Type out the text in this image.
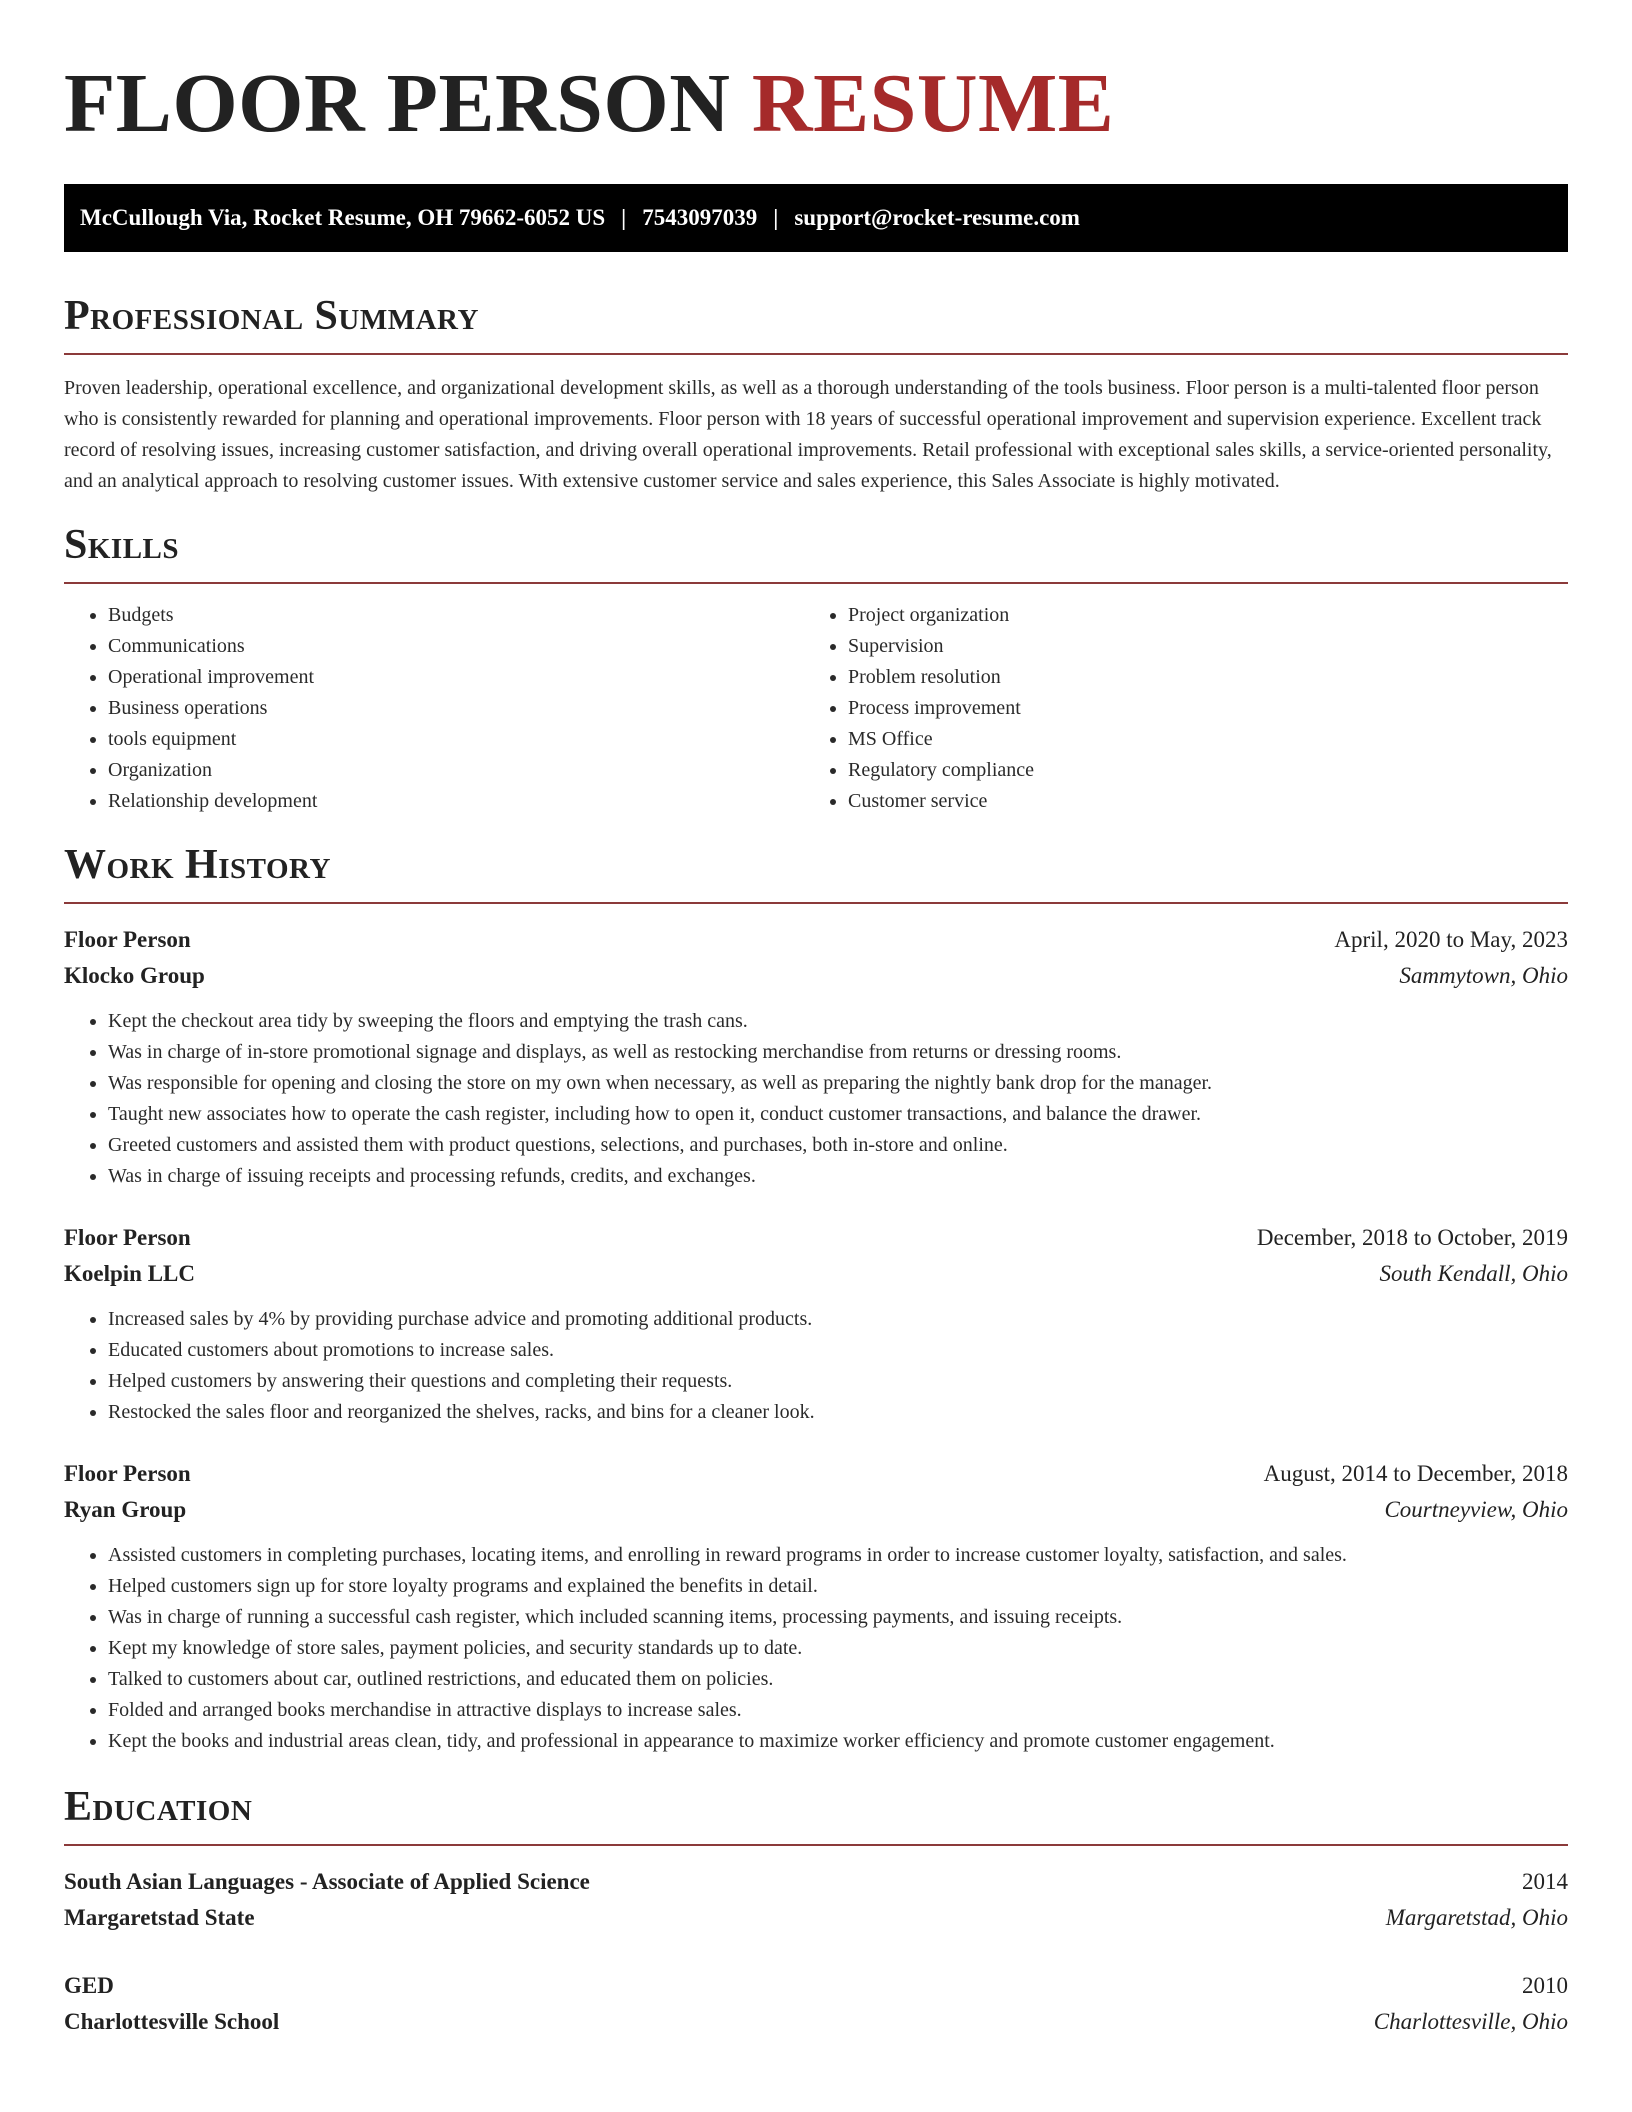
FLOOR PERSON RESUME
McCullough Via, Rocket Resume, OH 79662-6052 US | 7543097039 | support@rocket-resume.com
Professional Summary

Proven leadership, operational excellence, and organizational development skills, as well as a thorough understanding of the tools business. Floor person is a multi-talented floor person who is consistently rewarded for planning and operational improvements. Floor person with 18 years of successful operational improvement and supervision experience. Excellent track record of resolving issues, increasing customer satisfaction, and driving overall operational improvements. Retail professional with exceptional sales skills, a service-oriented personality, and an analytical approach to resolving customer issues. With extensive customer service and sales experience, this Sales Associate is highly motivated.

Skills
• Budgets
• Communications
• Operational improvement
• Business operations
• tools equipment
• Organization
• Relationship development
• Project organization
• Supervision
• Problem resolution
• Process improvement
• MS Office
• Regulatory compliance
• Customer service
Work History
Floor Person	April, 2020 to May, 2023
Klocko Group	Sammytown, Ohio
• Kept the checkout area tidy by sweeping the floors and emptying the trash cans.
• Was in charge of in-store promotional signage and displays, as well as restocking merchandise from returns or dressing rooms.
• Was responsible for opening and closing the store on my own when necessary, as well as preparing the nightly bank drop for the manager.
• Taught new associates how to operate the cash register, including how to open it, conduct customer transactions, and balance the drawer.
• Greeted customers and assisted them with product questions, selections, and purchases, both in-store and online.
• Was in charge of issuing receipts and processing refunds, credits, and exchanges.
Floor Person	December, 2018 to October, 2019
Koelpin LLC	South Kendall, Ohio
• Increased sales by 4% by providing purchase advice and promoting additional products.
• Educated customers about promotions to increase sales.
• Helped customers by answering their questions and completing their requests.
• Restocked the sales floor and reorganized the shelves, racks, and bins for a cleaner look.
Floor Person	August, 2014 to December, 2018
Ryan Group	Courtneyview, Ohio
• Assisted customers in completing purchases, locating items, and enrolling in reward programs in order to increase customer loyalty, satisfaction, and sales.
• Helped customers sign up for store loyalty programs and explained the benefits in detail.
• Was in charge of running a successful cash register, which included scanning items, processing payments, and issuing receipts.
• Kept my knowledge of store sales, payment policies, and security standards up to date.
• Talked to customers about car, outlined restrictions, and educated them on policies.
• Folded and arranged books merchandise in attractive displays to increase sales.
• Kept the books and industrial areas clean, tidy, and professional in appearance to maximize worker efficiency and promote customer engagement.
Education
South Asian Languages - Associate of Applied Science	2014
Margaretstad State	Margaretstad, Ohio
GED	2010
Charlottesville School	Charlottesville, Ohio
